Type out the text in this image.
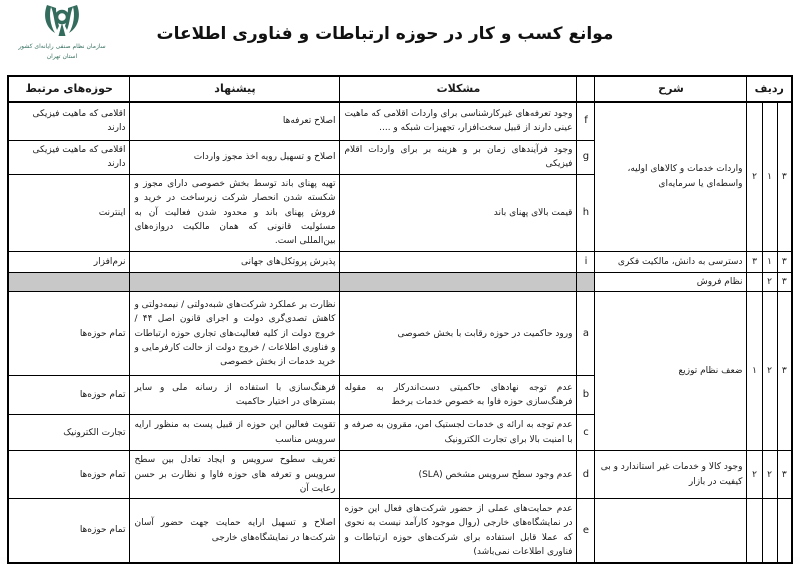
موانع کسب و کار در حوزه ارتباطات و فناوری اطلاعات
سازمان نظام صنفی رایانه‌ای کشور
استان تهران
ردیف			شرح		مشکلات	پیشنهاد	حوزه‌های مرتبط
۳	۱	۲	واردات خدمات و کالاهای اولیه، واسطه‌ای یا سرمایه‌ای	f	وجود تعرفه‌های غیرکارشناسی برای واردات اقلامی که ماهیت عینی دارند از قبیل سخت‌افزار، تجهیزات شبکه و ....	اصلاح تعرفه‌ها	اقلامی که ماهیت فیزیکی دارند
				g	وجود فرآیندهای زمان بر و هزینه بر برای واردات اقلام فیزیکی	اصلاح و تسهیل رویه اخذ مجوز واردات	اقلامی که ماهیت فیزیکی دارند
				h	قیمت بالای پهنای باند	تهیه پهنای باند توسط بخش خصوصی دارای مجوز و شکسته شدن انحصار شرکت زیرساخت در خرید و فروش پهنای باند و محدود شدن فعالیت آن به مسئولیت قانونی که همان مالکیت دروازه‌های بین‌المللی است.	اینترنت
۳	۱	۳	دسترسی به دانش، مالکیت فکری	i		پذیرش پروتکل‌های جهانی	نرم‌افزار
۳	۲		نظام فروش				
۳	۲	۱	ضعف نظام توزیع	a	ورود حاکمیت در حوزه رقابت با بخش خصوصی	نظارت بر عملکرد شرکت‌های شبه‌دولتی / نیمه‌دولتی و کاهش تصدی‌گری دولت و اجرای قانون اصل ۴۴ / خروج دولت از کلیه فعالیت‌های تجاری حوزه ارتباطات و فناوری اطلاعات / خروج دولت از حالت کارفرمایی و خرید خدمات از بخش خصوصی	تمام حوزه‌ها
				b	عدم توجه نهادهای حاکمیتی دست‌اندرکار به مقوله فرهنگ‌سازی حوزه فاوا به خصوص خدمات برخط	فرهنگ‌سازی با استفاده از رسانه ملی و سایر بسترهای در اختیار حاکمیت	تمام حوزه‌ها
				c	عدم توجه به ارائه ی خدمات لجستیک امن، مقرون به صرفه و با امنیت بالا برای تجارت الکترونیک	تقویت فعالین این حوزه از قبیل پست به منظور ارایه سرویس مناسب	تجارت الکترونیک
۳	۲	۲	وجود کالا و خدمات غیر استاندارد و بی کیفیت در بازار	d	عدم وجود سطح سرویس مشخص (SLA)	تعریف سطوح سرویس و ایجاد تعادل بین سطح سرویس و تعرفه های حوزه فاوا و نظارت بر حسن رعایت آن	تمام حوزه‌ها
				e	عدم حمایت‌های عملی از حضور شرکت‌های فعال این حوزه در نمایشگاه‌های خارجی (روال موجود کارآمد نیست به نحوی که عملا قابل استفاده برای شرکت‌های حوزه ارتباطات و فناوری اطلاعات نمی‌باشد)	اصلاح و تسهیل ارایه حمایت جهت حضور آسان شرکت‌ها در نمایشگاه‌های خارجی	تمام حوزه‌ها
